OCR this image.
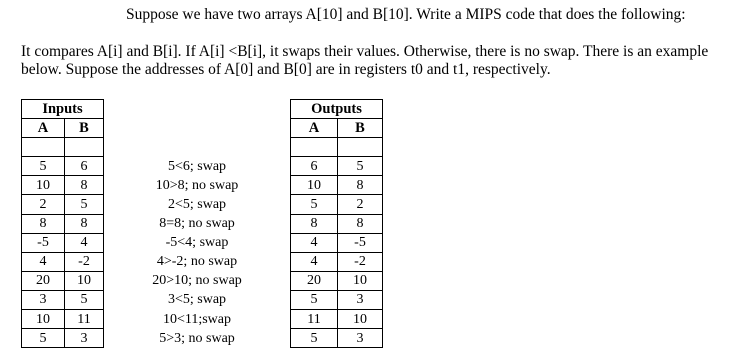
Suppose we have two arrays A[10] and B[10]. Write a MIPS code that does the following:
It compares A[i] and B[i]. If A[i] <B[i], it swaps their values. Otherwise, there is no swap. There is an example
below. Suppose the addresses of A[0] and B[0] are in registers t0 and t1, respectively.
Inputs			Outputs	
A	B		A	B

5	6	5<6; swap	6	5
10	8	10>8; no swap	10	8
2	5	2<5; swap	5	2
8	8	8=8; no swap	8	8
-5	4	-5<4; swap	4	-5
4	-2	4>-2; no swap	4	-2
20	10	20>10; no swap	20	10
3	5	3<5; swap	5	3
10	11	10<11;swap	11	10
5	3	5>3; no swap	5	3
